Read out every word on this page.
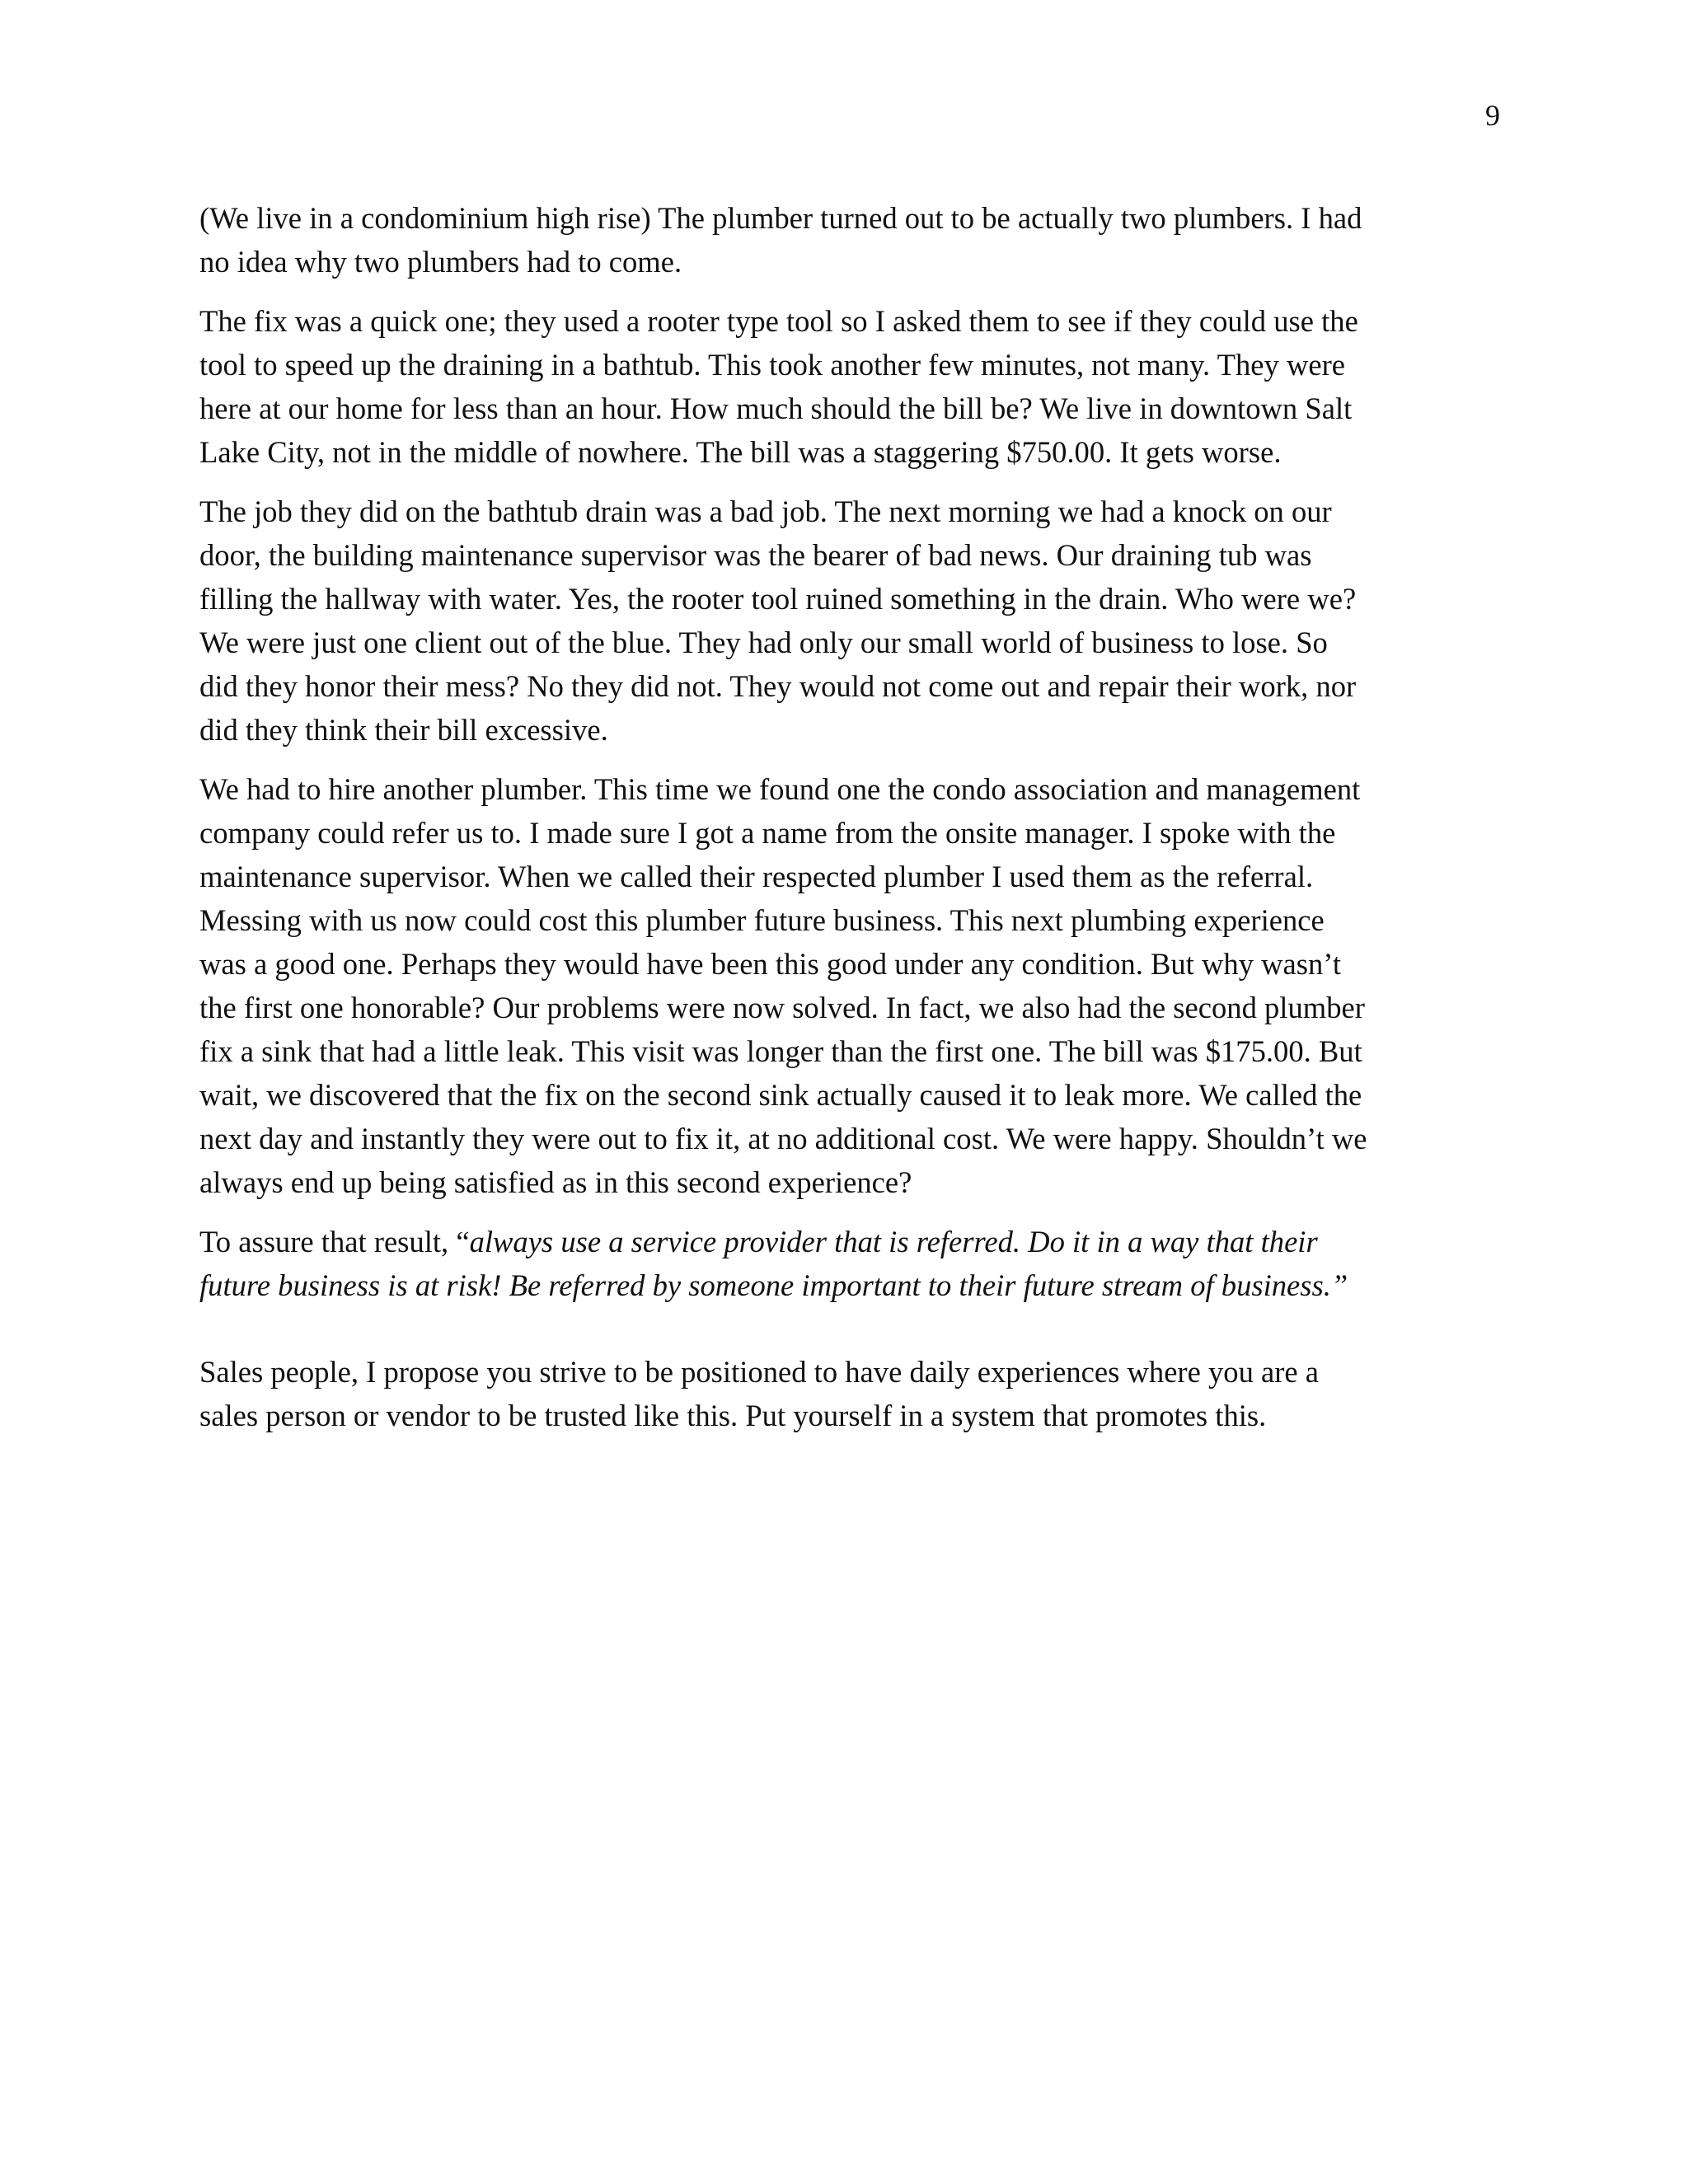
9

(We live in a condominium high rise) The plumber turned out to be actually two plumbers. I had
no idea why two plumbers had to come.

The fix was a quick one; they used a rooter type tool so I asked them to see if they could use the
tool to speed up the draining in a bathtub. This took another few minutes, not many. They were
here at our home for less than an hour. How much should the bill be? We live in downtown Salt
Lake City, not in the middle of nowhere. The bill was a staggering $750.00. It gets worse.

The job they did on the bathtub drain was a bad job. The next morning we had a knock on our
door, the building maintenance supervisor was the bearer of bad news. Our draining tub was
filling the hallway with water. Yes, the rooter tool ruined something in the drain. Who were we?
We were just one client out of the blue. They had only our small world of business to lose. So
did they honor their mess? No they did not. They would not come out and repair their work, nor
did they think their bill excessive.

We had to hire another plumber. This time we found one the condo association and management
company could refer us to. I made sure I got a name from the onsite manager. I spoke with the
maintenance supervisor. When we called their respected plumber I used them as the referral.
Messing with us now could cost this plumber future business. This next plumbing experience
was a good one. Perhaps they would have been this good under any condition. But why wasn’t
the first one honorable? Our problems were now solved. In fact, we also had the second plumber
fix a sink that had a little leak. This visit was longer than the first one. The bill was $175.00. But
wait, we discovered that the fix on the second sink actually caused it to leak more. We called the
next day and instantly they were out to fix it, at no additional cost. We were happy. Shouldn’t we
always end up being satisfied as in this second experience?

To assure that result, “always use a service provider that is referred. Do it in a way that their
future business is at risk! Be referred by someone important to their future stream of business.”

Sales people, I propose you strive to be positioned to have daily experiences where you are a
sales person or vendor to be trusted like this. Put yourself in a system that promotes this.
